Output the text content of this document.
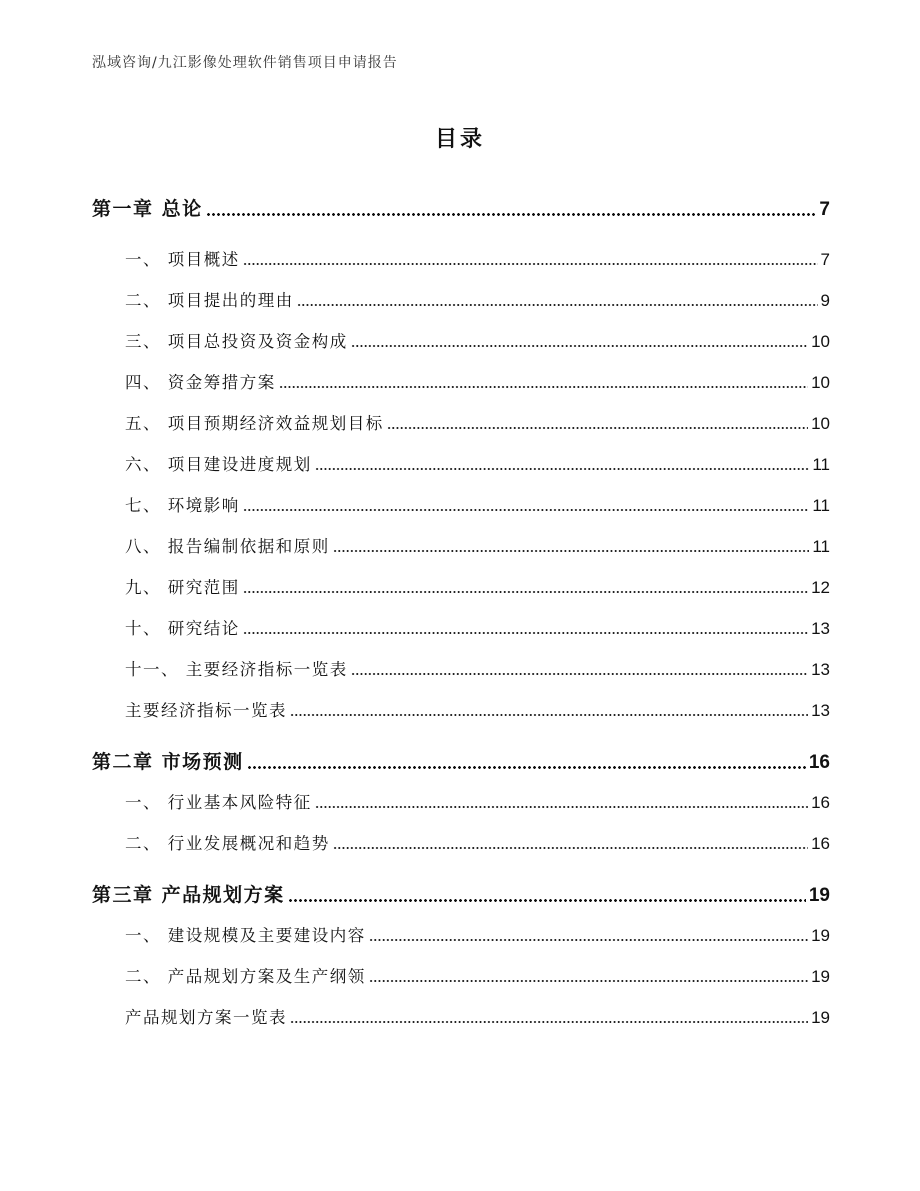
泓域咨询/九江影像处理软件销售项目申请报告
目录
第一章 总论	7
一、 项目概述	7
二、 项目提出的理由	9
三、 项目总投资及资金构成	10
四、 资金筹措方案	10
五、 项目预期经济效益规划目标	10
六、 项目建设进度规划	11
七、 环境影响	11
八、 报告编制依据和原则	11
九、 研究范围	12
十、 研究结论	13
十一、 主要经济指标一览表	13
主要经济指标一览表	13
第二章 市场预测	16
一、 行业基本风险特征	16
二、 行业发展概况和趋势	16
第三章 产品规划方案	19
一、 建设规模及主要建设内容	19
二、 产品规划方案及生产纲领	19
产品规划方案一览表	19
